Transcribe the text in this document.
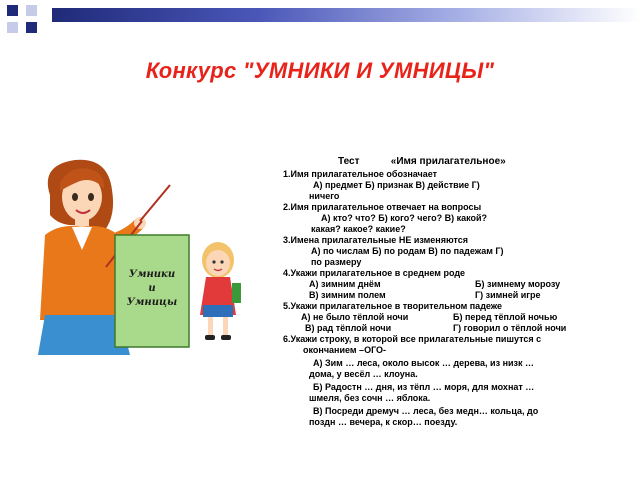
Конкурс "УМНИКИ И УМНИЦЫ"
Умники
и
Умницы
Тест	«Имя прилагательное»
1.Имя прилагательное обозначает
А) предмет Б) признак В) действие Г)
ничего
2.Имя прилагательное отвечает на вопросы
А) кто? что? Б) кого? чего? В) какой?
какая? какое? какие?
3.Имена прилагательные НЕ изменяются
А) по числам Б) по родам В) по падежам Г)
по размеру
4.Укажи прилагательное в среднем роде
А) зимним днём	Б) зимнему морозу
В) зимним полем	Г) зимней игре
5.Укажи прилагательное в творительном падеже
А) не было тёплой ночи	Б) перед тёплой ночью
В) рад тёплой ночи	Г) говорил о тёплой ночи
6.Укажи строку, в которой все прилагательные пишутся с
окончанием –ОГО-
А) Зим … леса, около высок … дерева, из низк …
дома, у весёл … клоуна.
Б) Радостн … дня, из тёпл … моря, для мохнат …
шмеля, без сочн … яблока.
В) Посреди дремуч … леса, без медн… кольца, до
поздн … вечера, к скор… поезду.
